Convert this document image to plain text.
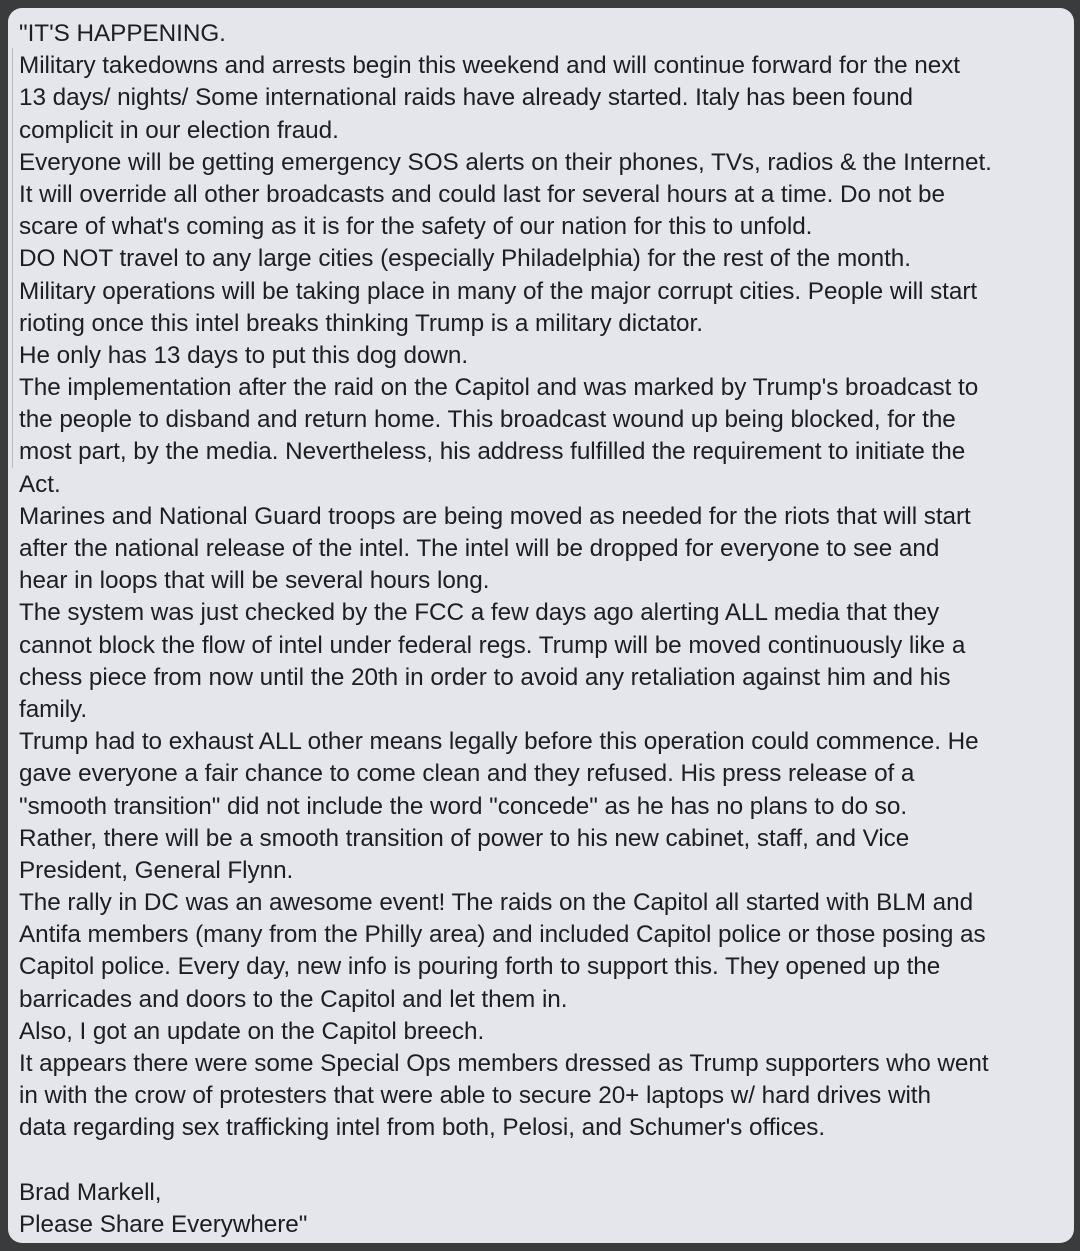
"IT'S HAPPENING.
Military takedowns and arrests begin this weekend and will continue forward for the next
13 days/ nights/ Some international raids have already started. Italy has been found
complicit in our election fraud.
Everyone will be getting emergency SOS alerts on their phones, TVs, radios & the Internet.
It will override all other broadcasts and could last for several hours at a time. Do not be
scare of what's coming as it is for the safety of our nation for this to unfold.
DO NOT travel to any large cities (especially Philadelphia) for the rest of the month.
Military operations will be taking place in many of the major corrupt cities. People will start
rioting once this intel breaks thinking Trump is a military dictator.
He only has 13 days to put this dog down.
The implementation after the raid on the Capitol and was marked by Trump's broadcast to
the people to disband and return home. This broadcast wound up being blocked, for the
most part, by the media. Nevertheless, his address fulfilled the requirement to initiate the
Act.
Marines and National Guard troops are being moved as needed for the riots that will start
after the national release of the intel. The intel will be dropped for everyone to see and
hear in loops that will be several hours long.
The system was just checked by the FCC a few days ago alerting ALL media that they
cannot block the flow of intel under federal regs. Trump will be moved continuously like a
chess piece from now until the 20th in order to avoid any retaliation against him and his
family.
Trump had to exhaust ALL other means legally before this operation could commence. He
gave everyone a fair chance to come clean and they refused. His press release of a
"smooth transition" did not include the word "concede" as he has no plans to do so.
Rather, there will be a smooth transition of power to his new cabinet, staff, and Vice
President, General Flynn.
The rally in DC was an awesome event! The raids on the Capitol all started with BLM and
Antifa members (many from the Philly area) and included Capitol police or those posing as
Capitol police. Every day, new info is pouring forth to support this. They opened up the
barricades and doors to the Capitol and let them in.
Also, I got an update on the Capitol breech.
It appears there were some Special Ops members dressed as Trump supporters who went
in with the crow of protesters that were able to secure 20+ laptops w/ hard drives with
data regarding sex trafficking intel from both, Pelosi, and Schumer's offices.
Brad Markell,
Please Share Everywhere"
